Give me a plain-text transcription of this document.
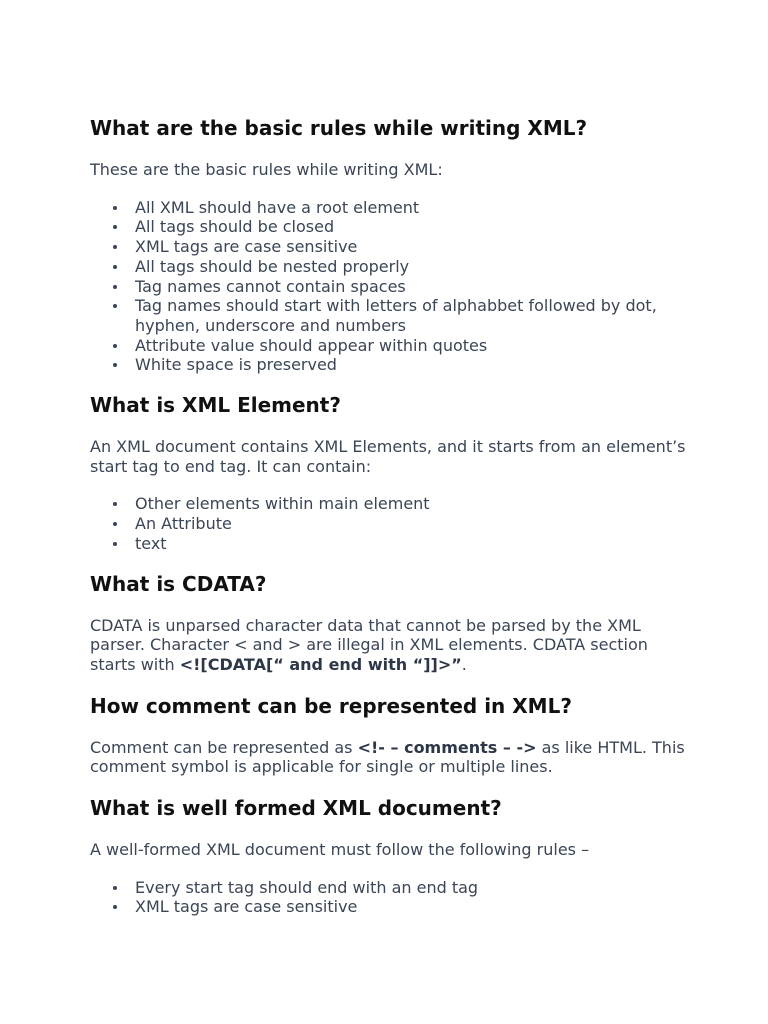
What are the basic rules while writing XML?

These are the basic rules while writing XML:

All XML should have a root element
All tags should be closed
XML tags are case sensitive
All tags should be nested properly
Tag names cannot contain spaces
Tag names should start with letters of alphabbet followed by dot, hyphen, underscore and numbers
Attribute value should appear within quotes
White space is preserved
What is XML Element?

An XML document contains XML Elements, and it starts from an element’s start tag to end tag. It can contain:

Other elements within main element
An Attribute
text
What is CDATA?

CDATA is unparsed character data that cannot be parsed by the XML parser. Character < and > are illegal in XML elements. CDATA section starts with <![CDATA[“ and end with “]]>”.

How comment can be represented in XML?

Comment can be represented as <!- – comments – -> as like HTML. This comment symbol is applicable for single or multiple lines.

What is well formed XML document?

A well-formed XML document must follow the following rules –

Every start tag should end with an end tag
XML tags are case sensitive
